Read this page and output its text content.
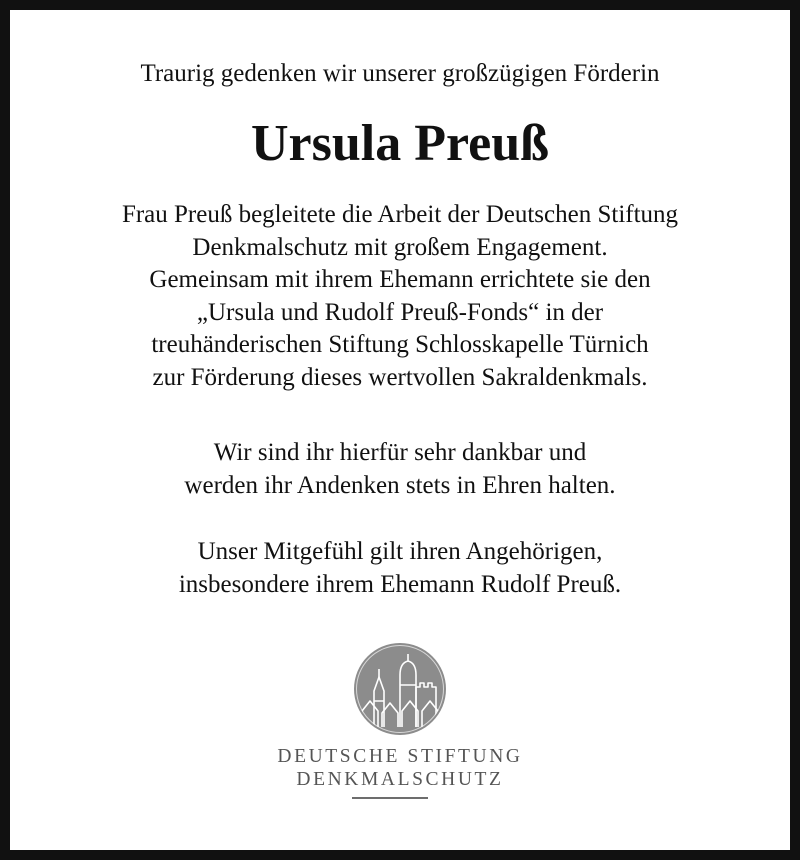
Traurig gedenken wir unserer großzügigen Förderin
Ursula Preuß
Frau Preuß begleitete die Arbeit der Deutschen Stiftung
Denkmalschutz mit großem Engagement.
Gemeinsam mit ihrem Ehemann errichtete sie den
„Ursula und Rudolf Preuß-Fonds“ in der
treuhänderischen Stiftung Schlosskapelle Türnich
zur Förderung dieses wertvollen Sakraldenkmals.
Wir sind ihr hierfür sehr dankbar und
werden ihr Andenken stets in Ehren halten.
Unser Mitgefühl gilt ihren Angehörigen,
insbesondere ihrem Ehemann Rudolf Preuß.
DEUTSCHE STIFTUNG
DENKMALSCHUTZ
